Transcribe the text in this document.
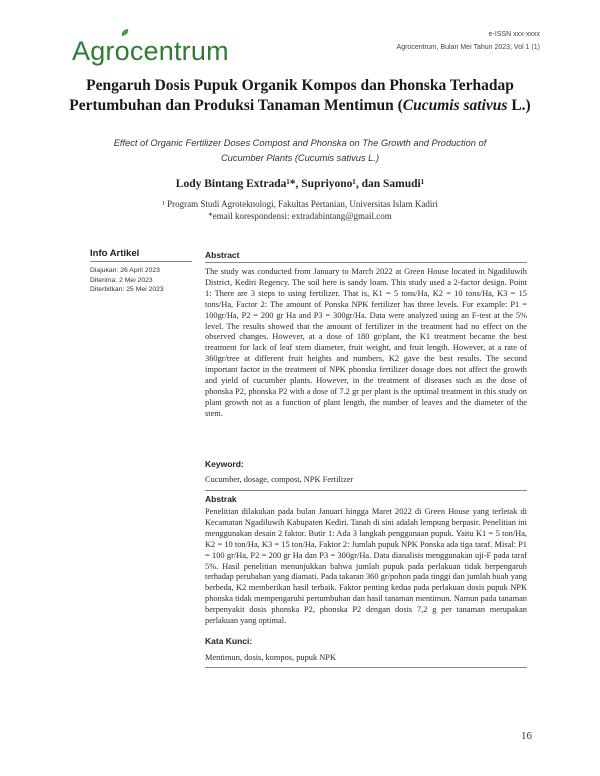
Agr
ocentrum
e-ISSN xxx-xxxx
Agrocentrum, Bulan Mei Tahun 2023, Vol 1 (1)
Pengaruh Dosis Pupuk Organik Kompos dan Phonska Terhadap
Pertumbuhan dan Produksi Tanaman Mentimun (Cucumis sativus L.)
Effect of Organic Fertilizer Doses Compost and Phonska on The Growth and Production of
Cucumber Plants (Cucumis sativus L.)
Lody Bintang Extrada¹*, Supriyono¹, dan Samudi¹
¹ Program Studi Agroteknologi, Fakultas Pertanian, Universitas Islam Kadiri
*email korespondensi: extradabintang@gmail.com
Info Artikel
Diajukan: 26 April 2023
Diterima: 2 Mei 2023
Diterbitkan: 25 Mei 2023
Abstract

The study was conducted from January to March 2022 at Green House located in Ngadiluwih District, Kediri Regency. The soil here is sandy loam. This study used a 2-factor design. Point 1: There are 3 steps to using fertilizer. That is, K1 = 5 tons/Ha, K2 = 10 tons/Ha, K3 = 15 tons/Ha, Factor 2: The amount of Ponska NPK fertilizer has three levels. For example: P1 = 100gr/Ha, P2 = 200 gr Ha and P3 = 300gr/Ha. Data were analyzed using an F-test at the 5% level. The results showed that the amount of fertilizer in the treatment had no effect on the observed changes. However, at a dose of 180 gr/plant, the K1 treatment became the best treatment for lack of leaf stem diameter, fruit weight, and fruit length. However, at a rate of 360gr/tree at different fruit heights and numbers, K2 gave the best results. The second important factor in the treatment of NPK phonska fertilizer dosage does not affect the growth and yield of cucumber plants. However, in the treatment of diseases such as the dose of phonska P2, phonska P2 with a dose of 7.2 gr per plant is the optimal treatment in this study on plant growth not as a function of plant length, the number of leaves and the diameter of the stem.

Keyword:
Cucumber, dosage, compost, NPK Fertilizer
Abstrak

Penelitian dilakukan pada bulan Januari hingga Maret 2022 di Green House yang terletak di Kecamatan Ngadiluwih Kabupaten Kediri. Tanah di sini adalah lempung berpasir. Penelitian ini menggunakan desain 2 faktor. Butir 1: Ada 3 langkah penggunaan pupuk. Yaitu K1 = 5 ton/Ha, K2 = 10 ton/Ha, K3 = 15 ton/Ha, Faktor 2: Jumlah pupuk NPK Ponska ada tiga taraf. Misal: P1 = 100 gr/Ha, P2 = 200 gr Ha dan P3 = 300gr/Ha. Data dianalisis menggunakan uji-F pada taraf 5%. Hasil penelitian menunjukkan bahwa jumlah pupuk pada perlakuan tidak berpengaruh terhadap perubahan yang diamati. Pada takaran 360 gr/pohon pada tinggi dan jumlah buah yang berbeda, K2 memberikan hasil terbaik. Faktor penting kedua pada perlakuan dosis pupuk NPK phonska tidak mempengaruhi pertumbuhan dan hasil tanaman mentimun. Namun pada tanaman berpenyakit dosis phonska P2, phonska P2 dengan dosis 7,2 g per tanaman merupakan perlakuan yang optimal.

Kata Kunci:
Mentimun, dosis, kompos, pupuk NPK
16
